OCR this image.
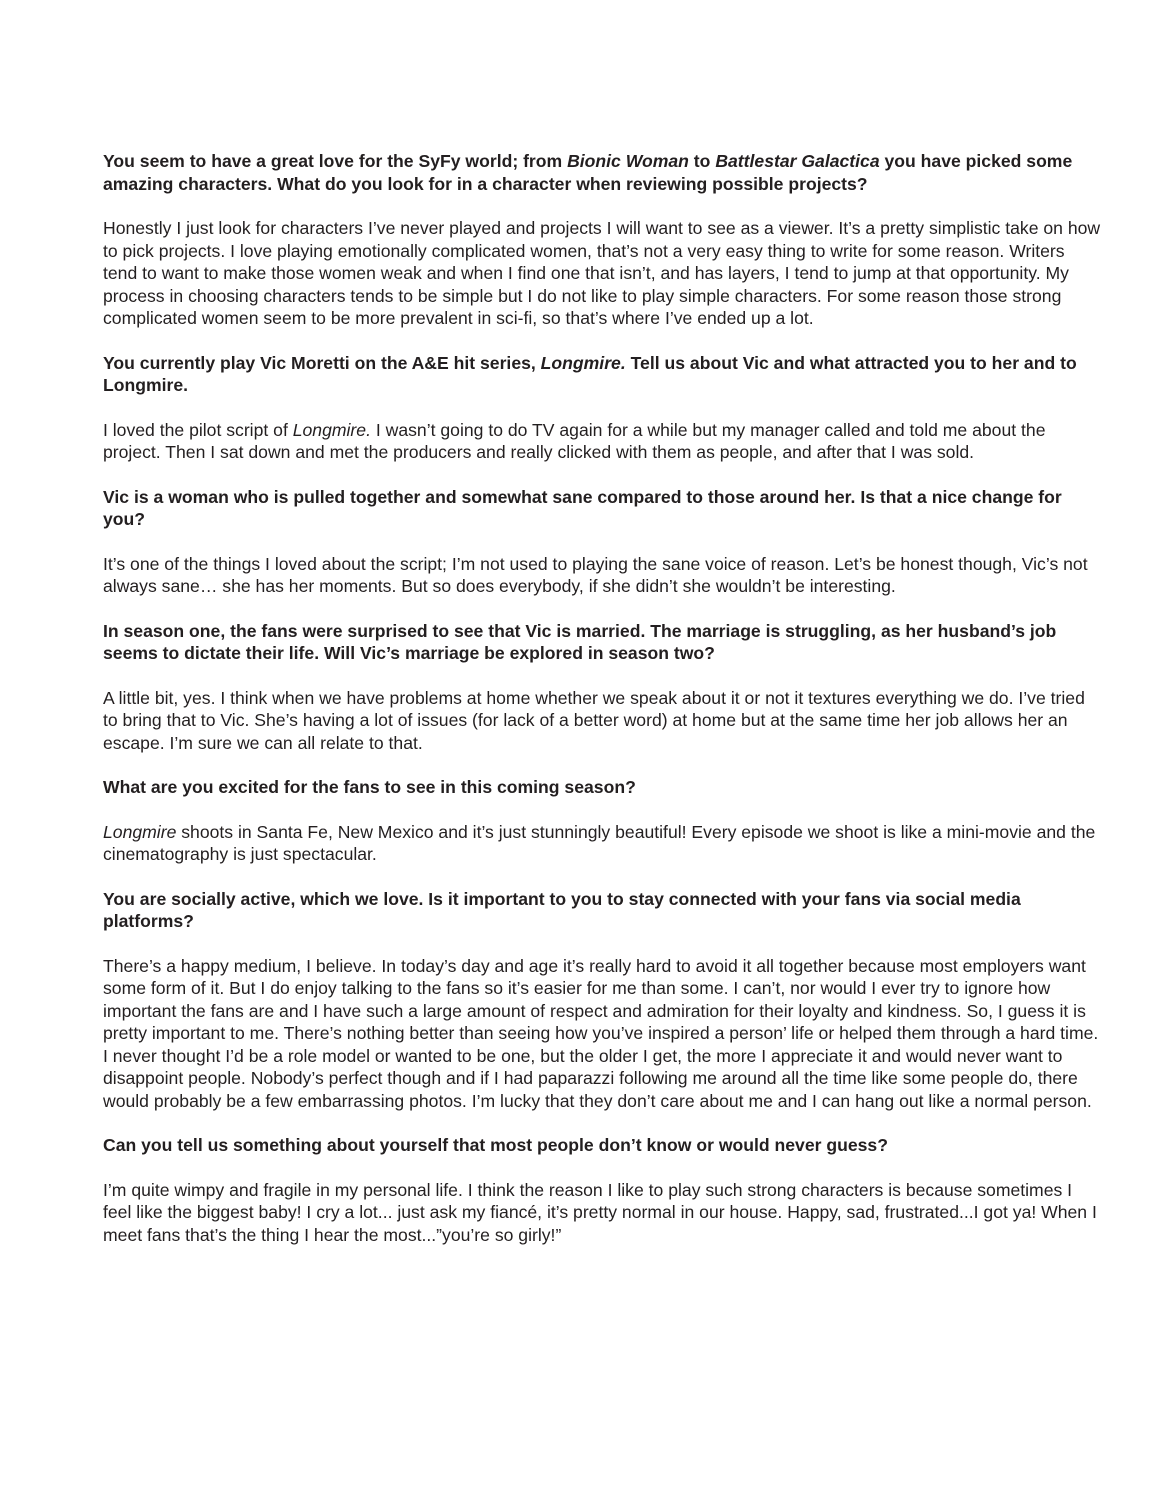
You seem to have a great love for the SyFy world; from Bionic Woman to Battlestar Galactica you have picked some amazing characters. What do you look for in a character when reviewing possible projects?

Honestly I just look for characters I’ve never played and projects I will want to see as a viewer. It’s a pretty simplistic take on how to pick projects. I love playing emotionally complicated women, that’s not a very easy thing to write for some reason. Writers tend to want to make those women weak and when I find one that isn’t, and has layers, I tend to jump at that opportunity. My process in choosing characters tends to be simple but I do not like to play simple characters. For some reason those strong complicated women seem to be more prevalent in sci-fi, so that’s where I’ve ended up a lot.

You currently play Vic Moretti on the A&E hit series, Longmire. Tell us about Vic and what attracted you to her and to Longmire.

I loved the pilot script of Longmire. I wasn’t going to do TV again for a while but my manager called and told me about the project. Then I sat down and met the producers and really clicked with them as people, and after that I was sold.

Vic is a woman who is pulled together and somewhat sane compared to those around her. Is that a nice change for you?

It’s one of the things I loved about the script; I’m not used to playing the sane voice of reason. Let’s be honest though, Vic’s not always sane… she has her moments. But so does everybody, if she didn’t she wouldn’t be interesting.

In season one, the fans were surprised to see that Vic is married. The marriage is struggling, as her husband’s job seems to dictate their life. Will Vic’s marriage be explored in season two?

A little bit, yes. I think when we have problems at home whether we speak about it or not it textures everything we do. I’ve tried to bring that to Vic. She’s having a lot of issues (for lack of a better word) at home but at the same time her job allows her an escape. I’m sure we can all relate to that.

What are you excited for the fans to see in this coming season?

Longmire shoots in Santa Fe, New Mexico and it’s just stunningly beautiful! Every episode we shoot is like a mini-movie and the cinematography is just spectacular.

You are socially active, which we love. Is it important to you to stay connected with your fans via social media platforms?

There’s a happy medium, I believe. In today’s day and age it’s really hard to avoid it all together because most employers want some form of it. But I do enjoy talking to the fans so it’s easier for me than some. I can’t, nor would I ever try to ignore how important the fans are and I have such a large amount of respect and admiration for their loyalty and kindness. So, I guess it is pretty important to me. There’s nothing better than seeing how you’ve inspired a person’ life or helped them through a hard time. I never thought I’d be a role model or wanted to be one, but the older I get, the more I appreciate it and would never want to disappoint people. Nobody’s perfect though and if I had paparazzi following me around all the time like some people do, there would probably be a few embarrassing photos. I’m lucky that they don’t care about me and I can hang out like a normal person.

Can you tell us something about yourself that most people don’t know or would never guess?

I’m quite wimpy and fragile in my personal life. I think the reason I like to play such strong characters is because sometimes I feel like the biggest baby! I cry a lot... just ask my fiancé, it’s pretty normal in our house. Happy, sad, frustrated...I got ya! When I meet fans that’s the thing I hear the most...”you’re so girly!”
